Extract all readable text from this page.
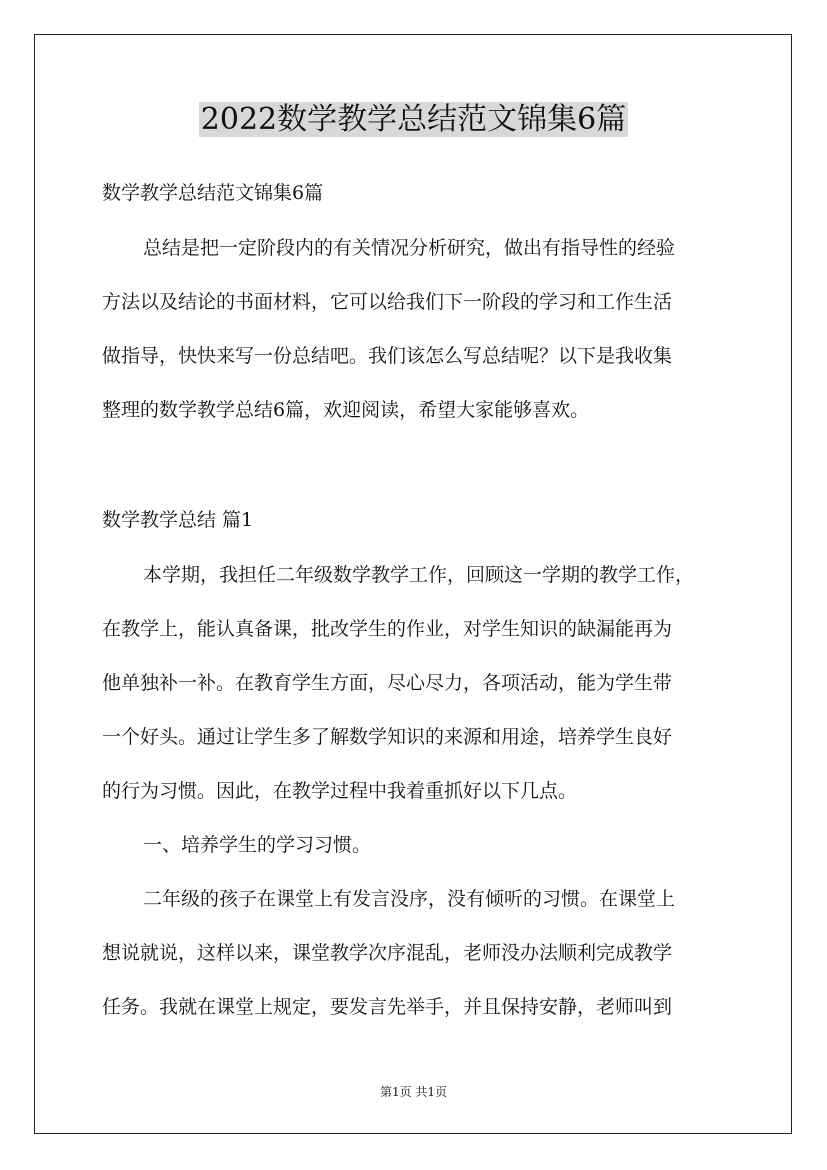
2022数学教学总结范文锦集6篇
数学教学总结范文锦集6篇
总结是把一定阶段内的有关情况分析研究，做出有指导性的经验
方法以及结论的书面材料，它可以给我们下一阶段的学习和工作生活
做指导，快快来写一份总结吧。我们该怎么写总结呢？以下是我收集
整理的数学教学总结6篇，欢迎阅读，希望大家能够喜欢。
数学教学总结 篇1
本学期，我担任二年级数学教学工作，回顾这一学期的教学工作，
在教学上，能认真备课，批改学生的作业，对学生知识的缺漏能再为
他单独补一补。在教育学生方面，尽心尽力，各项活动，能为学生带
一个好头。通过让学生多了解数学知识的来源和用途，培养学生良好
的行为习惯。因此，在教学过程中我着重抓好以下几点。
一、培养学生的学习习惯。
二年级的孩子在课堂上有发言没序，没有倾听的习惯。在课堂上
想说就说，这样以来，课堂教学次序混乱，老师没办法顺利完成教学
任务。我就在课堂上规定，要发言先举手，并且保持安静，老师叫到
第1页 共1页
